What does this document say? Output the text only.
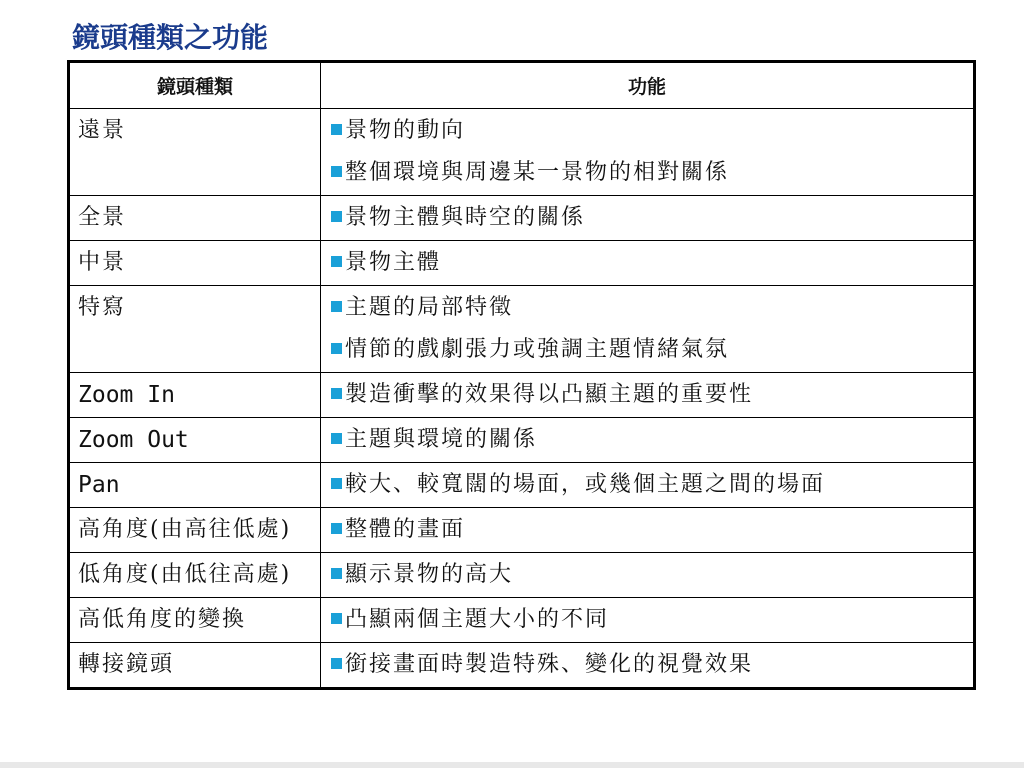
鏡頭種類之功能
鏡頭種類	功能
遠景	景物的動向
整個環境與周邊某一景物的相對關係

全景	景物主體與時空的關係

中景	景物主體

特寫	主題的局部特徵
情節的戲劇張力或強調主題情緒氣氛

Zoom In	製造衝擊的效果得以凸顯主題的重要性

Zoom Out	主題與環境的關係

Pan	較大、較寬闊的場面，或幾個主題之間的場面

高角度(由高往低處)	整體的畫面

低角度(由低往高處)	顯示景物的高大

高低角度的變換	凸顯兩個主題大小的不同

轉接鏡頭	銜接畫面時製造特殊、變化的視覺效果
